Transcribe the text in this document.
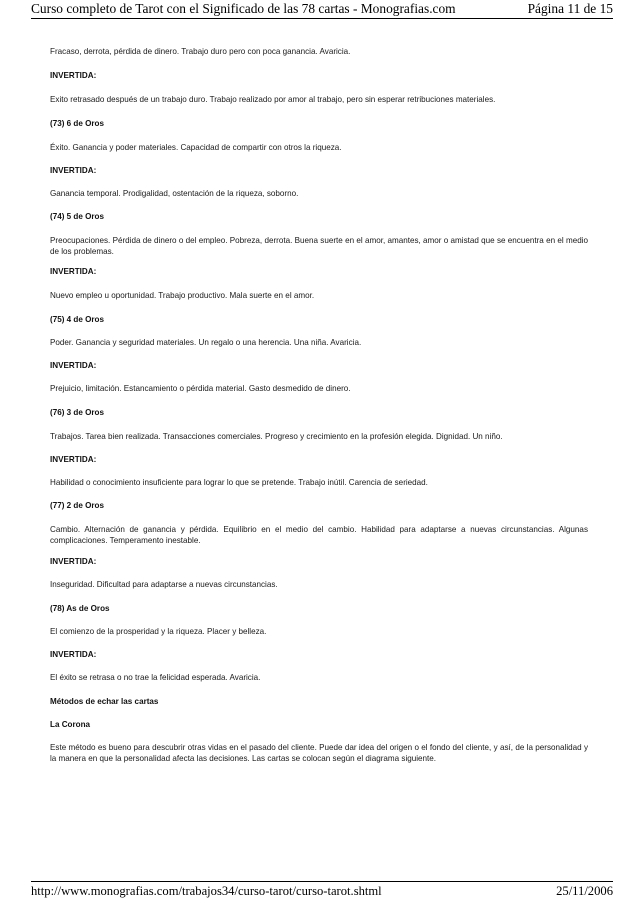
Curso completo de Tarot con el Significado de las 78 cartas - Monografias.com	Página 11 de 15

Fracaso, derrota, pérdida de dinero. Trabajo duro pero con poca ganancia. Avaricia.

INVERTIDA:

Exito retrasado después de un trabajo duro. Trabajo realizado por amor al trabajo, pero sin esperar retribuciones materiales.

(73) 6 de Oros

Éxito. Ganancia y poder materiales. Capacidad de compartir con otros la riqueza.

INVERTIDA:

Ganancia temporal. Prodigalidad, ostentación de la riqueza, soborno.

(74) 5 de Oros

Preocupaciones. Pérdida de dinero o del empleo. Pobreza, derrota. Buena suerte en el amor, amantes, amor o amistad que se encuentra en el medio de los problemas.

INVERTIDA:

Nuevo empleo u oportunidad. Trabajo productivo. Mala suerte en el amor.

(75) 4 de Oros

Poder. Ganancia y seguridad materiales. Un regalo o una herencia. Una niña. Avaricia.

INVERTIDA:

Prejuicio, limitación. Estancamiento o pérdida material. Gasto desmedido de dinero.

(76) 3 de Oros

Trabajos. Tarea bien realizada. Transacciones comerciales. Progreso y crecimiento en la profesión elegida. Dignidad. Un niño.

INVERTIDA:

Habilidad o conocimiento insuficiente para lograr lo que se pretende. Trabajo inútil. Carencia de seriedad.

(77) 2 de Oros

Cambio. Alternación de ganancia y pérdida. Equilibrio en el medio del cambio. Habilidad para adaptarse a nuevas circunstancias. Algunas complicaciones. Temperamento inestable.

INVERTIDA:

Inseguridad. Dificultad para adaptarse a nuevas circunstancias.

(78) As de Oros

El comienzo de la prosperidad y la riqueza. Placer y belleza.

INVERTIDA:

El éxito se retrasa o no trae la felicidad esperada. Avaricia.

Métodos de echar las cartas
La Corona

Este método es bueno para descubrir otras vidas en el pasado del cliente. Puede dar idea del origen o el fondo del cliente, y así, de la personalidad y la manera en que la personalidad afecta las decisiones. Las cartas se colocan según el diagrama siguiente.

http://www.monografias.com/trabajos34/curso-tarot/curso-tarot.shtml	25/11/2006
